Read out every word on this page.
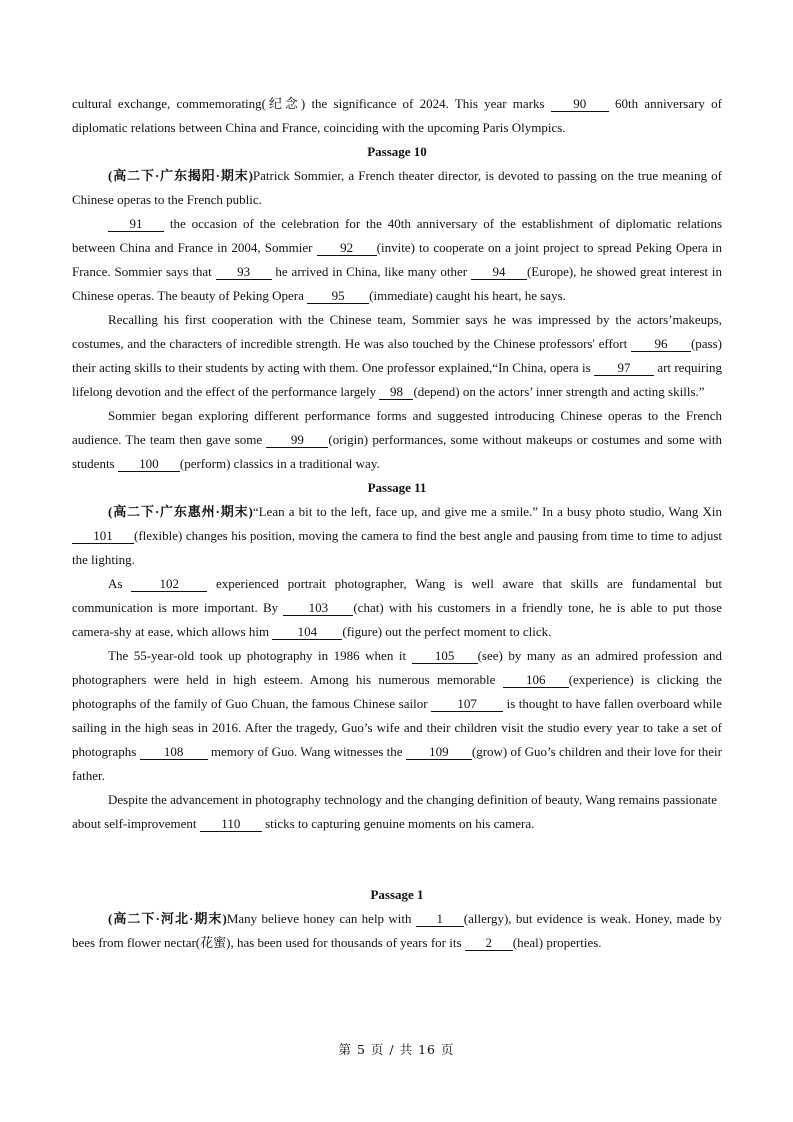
cultural exchange, commemorating(纪念) the significance of 2024. This year marks 90 60th anniversary of diplomatic relations between China and France, coinciding with the upcoming Paris Olympics.

Passage 10

(高二下·广东揭阳·期末)Patrick Sommier, a French theater director, is devoted to passing on the true meaning of Chinese operas to the French public.

91 the occasion of the celebration for the 40th anniversary of the establishment of diplomatic relations between China and France in 2004, Sommier 92 (invite) to cooperate on a joint project to spread Peking Opera in France. Sommier says that 93 he arrived in China, like many other 94 (Europe), he showed great interest in Chinese operas. The beauty of Peking Opera 95 (immediate) caught his heart, he says.

Recalling his first cooperation with the Chinese team, Sommier says he was impressed by the actors’makeups, costumes, and the characters of incredible strength. He was also touched by the Chinese professors' effort 96 (pass) their acting skills to their students by acting with them. One professor explained,“In China, opera is 97 art requiring lifelong devotion and the effect of the performance largely 98 (depend) on the actors’ inner strength and acting skills.”

Sommier began exploring different performance forms and suggested introducing Chinese operas to the French audience. The team then gave some 99 (origin) performances, some without makeups or costumes and some with students 100 (perform) classics in a traditional way.

Passage 11

(高二下·广东惠州·期末)“Lean a bit to the left, face up, and give me a smile.” In a busy photo studio, Wang Xin 101 (flexible) changes his position, moving the camera to find the best angle and pausing from time to time to adjust the lighting.

As 102 experienced portrait photographer, Wang is well aware that skills are fundamental but communication is more important. By 103 (chat) with his customers in a friendly tone, he is able to put those camera-shy at ease, which allows him 104 (figure) out the perfect moment to click.

The 55-year-old took up photography in 1986 when it 105 (see) by many as an admired profession and photographers were held in high esteem. Among his numerous memorable 106 (experience) is clicking the photographs of the family of Guo Chuan, the famous Chinese sailor 107 is thought to have fallen overboard while sailing in the high seas in 2016. After the tragedy, Guo’s wife and their children visit the studio every year to take a set of photographs 108 memory of Guo. Wang witnesses the 109 (grow) of Guo’s children and their love for their father.

Despite the advancement in photography technology and the changing definition of beauty, Wang remains passionate about self-improvement 110 sticks to capturing genuine moments on his camera.

Passage 1

(高二下·河北·期末)Many believe honey can help with 1 (allergy), but evidence is weak. Honey, made by bees from flower nectar(花蜜), has been used for thousands of years for its 2 (heal) properties.

第 5 页 / 共 16 页
